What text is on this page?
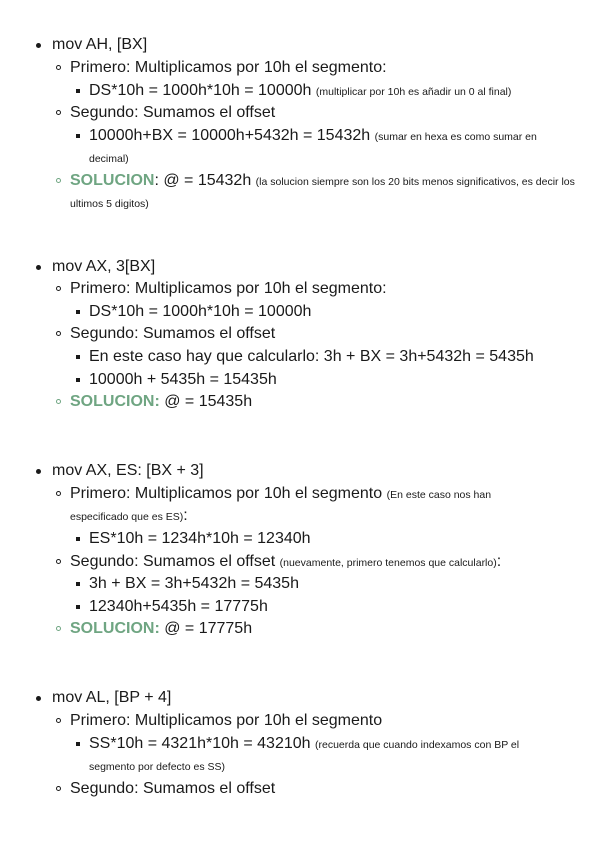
mov AH, [BX]
Primero: Multiplicamos por 10h el segmento:
DS*10h = 1000h*10h = 10000h (multiplicar por 10h es añadir un 0 al final)
Segundo: Sumamos el offset
10000h+BX = 10000h+5432h = 15432h (sumar en hexa es como sumar en decimal)
SOLUCION: @ = 15432h (la solucion siempre son los 20 bits menos significativos, es decir los ultimos 5 digitos)
mov AX, 3[BX]
Primero: Multiplicamos por 10h el segmento:
DS*10h = 1000h*10h = 10000h
Segundo: Sumamos el offset
En este caso hay que calcularlo: 3h + BX = 3h+5432h = 5435h
10000h + 5435h = 15435h
SOLUCION: @ = 15435h
mov AX, ES: [BX + 3]
Primero: Multiplicamos por 10h el segmento (En este caso nos han especificado que es ES):
ES*10h = 1234h*10h = 12340h
Segundo: Sumamos el offset (nuevamente, primero tenemos que calcularlo):
3h + BX = 3h+5432h = 5435h
12340h+5435h = 17775h
SOLUCION: @ = 17775h
mov AL, [BP + 4]
Primero: Multiplicamos por 10h el segmento
SS*10h = 4321h*10h = 43210h (recuerda que cuando indexamos con BP el segmento por defecto es SS)
Segundo: Sumamos el offset
